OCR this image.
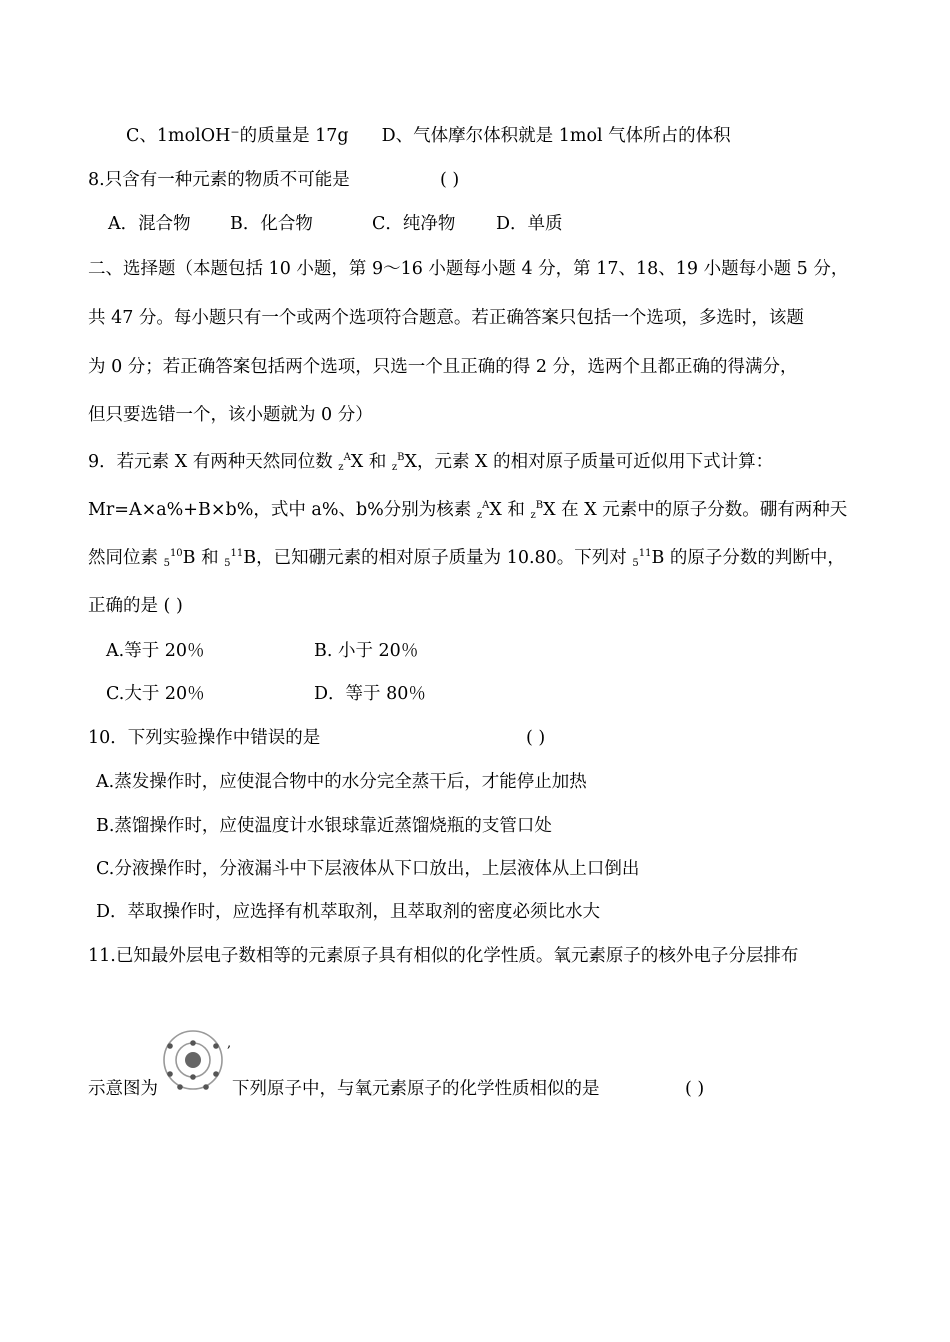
C、1molOH⁻的质量是 17g D、气体摩尔体积就是 1mol 气体所占的体积
8.只含有一种元素的物质不可能是	( )
A．混合物 B．化合物	C．纯净物 D．单质
二、选择题（本题包括 10 小题，第 9～16 小题每小题 4 分，第 17、18、19 小题每小题 5 分，
共 47 分。每小题只有一个或两个选项符合题意。若正确答案只包括一个选项，多选时，该题
为 0 分；若正确答案包括两个选项，只选一个且正确的得 2 分，选两个且都正确的得满分，
但只要选错一个，该小题就为 0 分）
9．若元素 X 有两种天然同位数 $_z^A$X 和 $_z^B$X，元素 X 的相对原子质量可近似用下式计算：
Mr=A×a%+B×b%，式中 a%、b%分别为核素 $_z^A$X 和 $_z^B$X 在 X 元素中的原子分数。硼有两种天
然同位素 $_5^{10}$B 和 $_5^{11}$B，已知硼元素的相对原子质量为 10.80。下列对 $_5^{11}$B 的原子分数的判断中，
正确的是 ( )
A.等于 20％	B. 小于 20％
C.大于 20％	D．等于 80％
10．下列实验操作中错误的是	( )
A.蒸发操作时，应使混合物中的水分完全蒸干后，才能停止加热
B.蒸馏操作时，应使温度计水银球靠近蒸馏烧瓶的支管口处
C.分液操作时，分液漏斗中下层液体从下口放出，上层液体从上口倒出
D．萃取操作时，应选择有机萃取剂，且萃取剂的密度必须比水大
11.已知最外层电子数相等的元素原子具有相似的化学性质。氧元素原子的核外电子分层排布
示意图为
,
下列原子中，与氧元素原子的化学性质相似的是	( )
